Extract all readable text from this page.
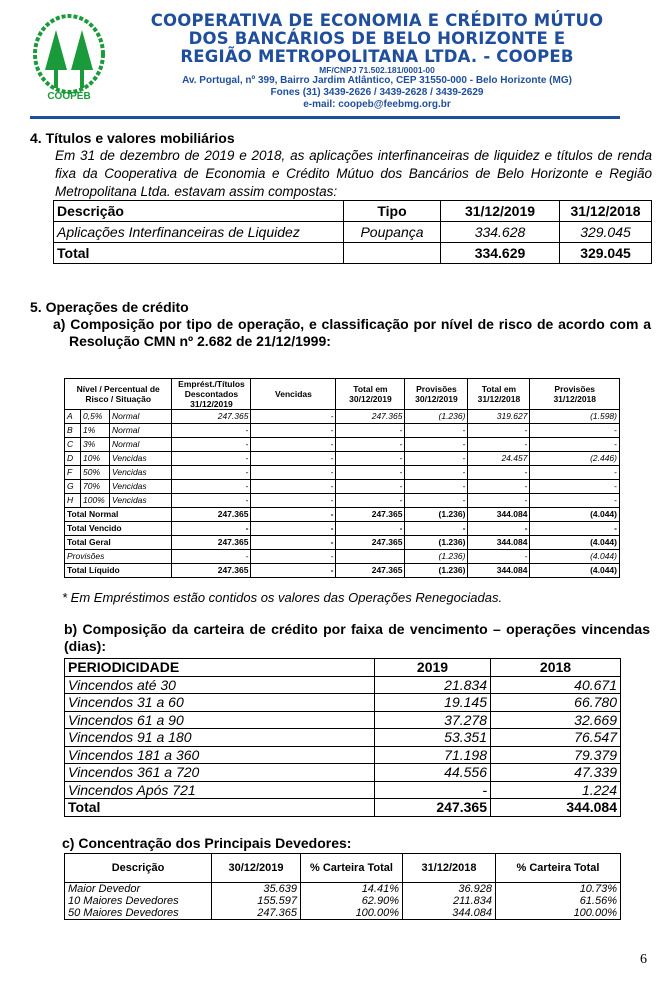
COOPEB
COOPERATIVA DE ECONOMIA E CRÉDITO MÚTUO
DOS BANCÁRIOS DE BELO HORIZONTE E
REGIÃO METROPOLITANA LTDA. - COOPEB
MF/CNPJ 71.502.181/0001-00
Av. Portugal, nº 399, Bairro Jardim Atlântico, CEP 31550-000 - Belo Horizonte (MG)
Fones (31) 3439-2626 / 3439-2628 / 3439-2629
e-mail: coopeb@feebmg.org.br
4. Títulos e valores mobiliários
Em 31 de dezembro de 2019 e 2018, as aplicações interfinanceiras de liquidez e títulos de renda fixa da Cooperativa de Economia e Crédito Mútuo dos Bancários de Belo Horizonte e Região Metropolitana Ltda. estavam assim compostas:
Descrição	Tipo	31/12/2019	31/12/2018
Aplicações Interfinanceiras de Liquidez	Poupança	334.628	329.045
Total		334.629	329.045
5. Operações de crédito
a) Composição por tipo de operação, e classificação por nível de risco de acordo com a Resolução CMN nº 2.682 de 21/12/1999:
Nível / Percentual de Risco / Situação			Emprést./Títulos Descontados 31/12/2019	Vencidas	Total em 30/12/2019	Provisões 30/12/2019	Total em 31/12/2018	Provisões 31/12/2018
A	0,5%	Normal	247.365	-	247.365	(1.236)	319.627	(1.598)
B	1%	Normal	-	-	-	-	-	-
C	3%	Normal	-	-	-	-	-	-
D	10%	Vencidas	-	-	-	-	24.457	(2.446)
F	50%	Vencidas	-	-	-	-	-	-
G	70%	Vencidas	-	-	-	-	-	-
H	100%	Vencidas	-	-	-	-	-	-
Total Normal			247.365	-	247.365	(1.236)	344.084	(4.044)
Total Vencido			-	-	-	-	-	-
Total Geral			247.365	-	247.365	(1.236)	344.084	(4.044)
Provisões			-	-		(1.236)	-	(4.044)
Total Líquido			247.365	-	247.365	(1.236)	344.084	(4.044)
* Em Empréstimos estão contidos os valores das Operações Renegociadas.
b) Composição da carteira de crédito por faixa de vencimento – operações vincendas (dias):
PERIODICIDADE	2019	2018
Vincendos até 30	21.834	40.671
Vincendos 31 a 60	19.145	66.780
Vincendos 61 a 90	37.278	32.669
Vincendos 91 a 180	53.351	76.547
Vincendos 181 a 360	71.198	79.379
Vincendos 361 a 720	44.556	47.339
Vincendos Após 721	-	1.224
Total	247.365	344.084
c) Concentração dos Principais Devedores:
Descrição	30/12/2019	% Carteira Total	31/12/2018	% Carteira Total
Maior Devedor	35.639	14.41%	36.928	10.73%
10 Maiores Devedores	155.597	62.90%	211.834	61.56%
50 Maiores Devedores	247.365	100.00%	344.084	100.00%
6
